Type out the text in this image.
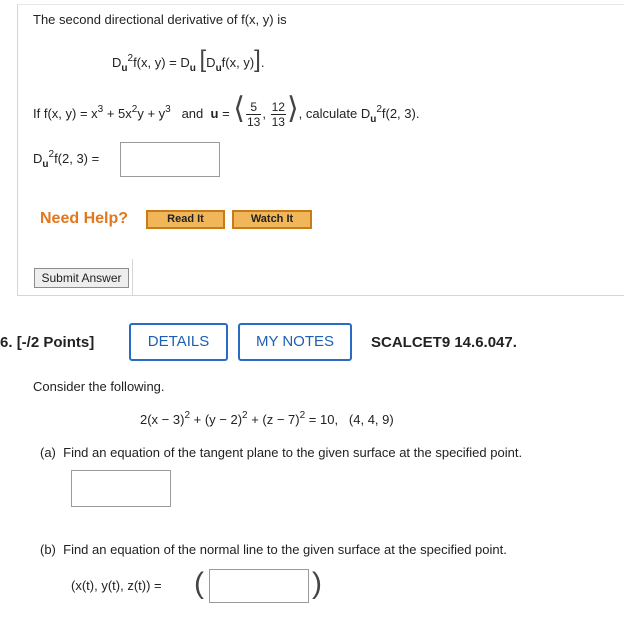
The second directional derivative of f(x, y) is
$D_u^2f(x$, $y) = D_u$ [$D_uf(x$, y)].
If f(x, $y) = x^3 + 5x^2y + y^3$ and u = ⟨ $\frac{5}{13}$ , $\frac{12}{13}$ ⟩, calculate $D_u^2f(2$, 3).
$D_u^2f(2$, 3) =
Need Help?	Read It	Watch It
Submit Answer
6. [-/2 Points]	DETAILS	MY NOTES	SCALCET9 14.6.047.
Consider the following.
$2(x - 3)^2 + (y - 2)^2 + (z - 7)^2 = 10$, (4, 4, 9)
(a) Find an equation of the tangent plane to the given surface at the specified point.
(b) Find an equation of the normal line to the given surface at the specified point.
(x(t), y(t), z(t)) = (	)
